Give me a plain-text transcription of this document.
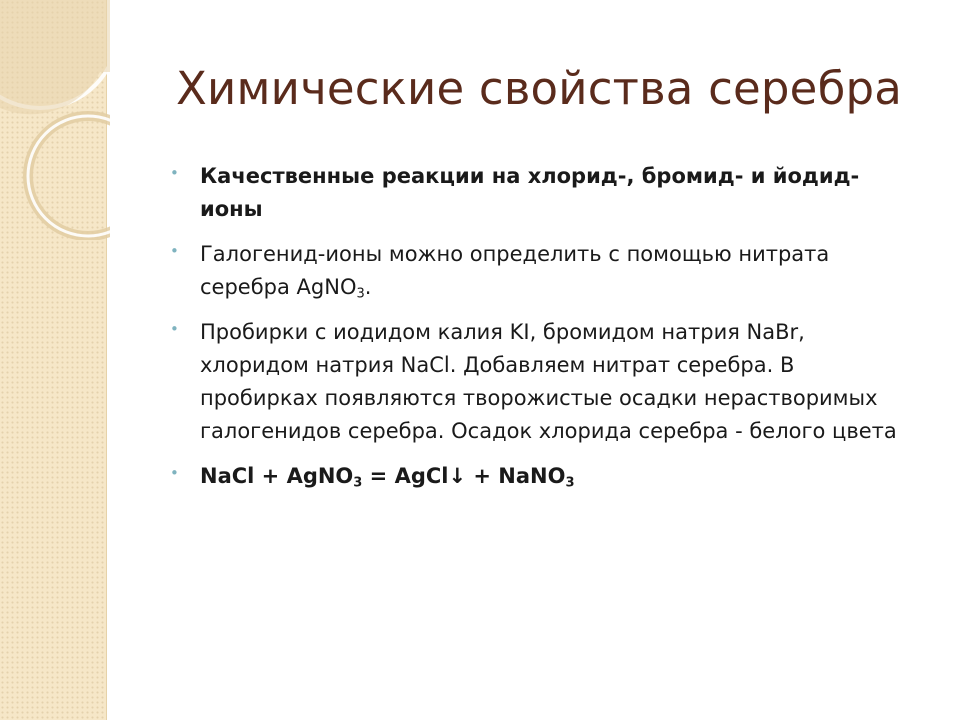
Химические свойства серебра
• Качественные реакции на хлорид-, бромид- и йодид-ионы
• Галогенид-ионы можно определить с помощью нитрата серебра AgNO$_3$.
• Пробирки с иодидом калия KI, бромидом натрия NaBr, хлоридом натрия NaCl. Добавляем нитрат серебра. В пробирках появляются творожистые осадки нерастворимых галогенидов серебра. Осадок хлорида серебра - белого цвета
• NaCl + AgNO$_3$ = AgCl↓ + NaNO$_3$
